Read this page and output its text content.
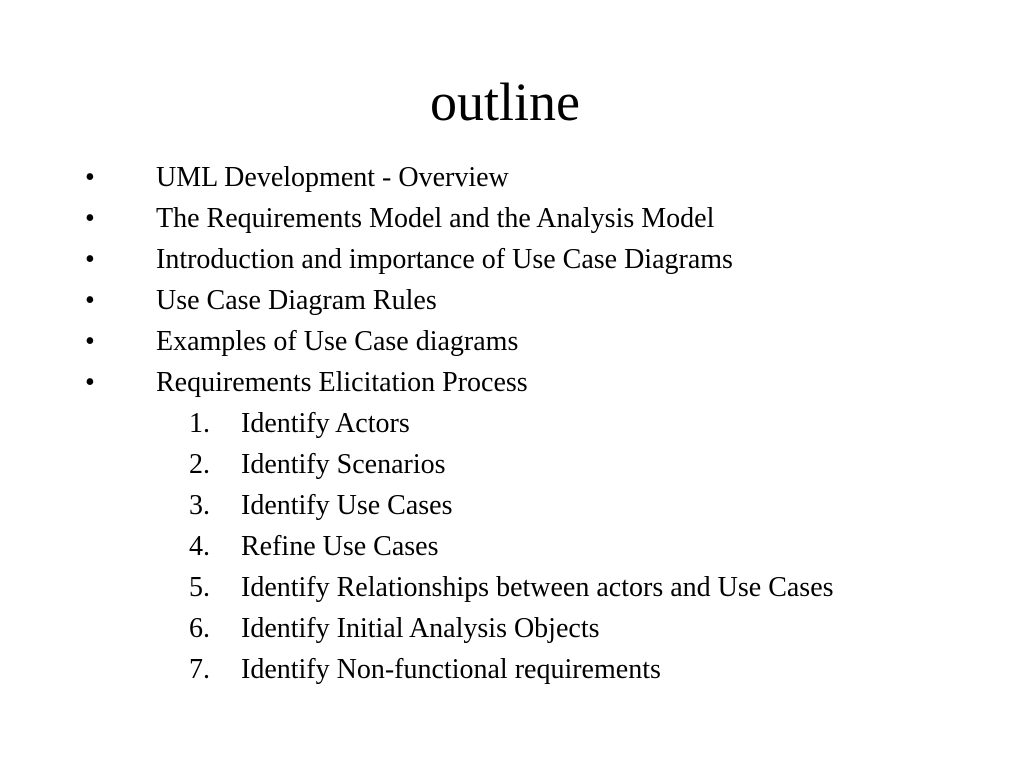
outline
•	UML Development - Overview
•	The Requirements Model and the Analysis Model
•	Introduction and importance of Use Case Diagrams
•	Use Case Diagram Rules
•	Examples of Use Case diagrams
•	Requirements Elicitation Process
1. Identify Actors
2. Identify Scenarios
3. Identify Use Cases
4. Refine Use Cases
5. Identify Relationships between actors and Use Cases
6. Identify Initial Analysis Objects
7. Identify Non-functional requirements
